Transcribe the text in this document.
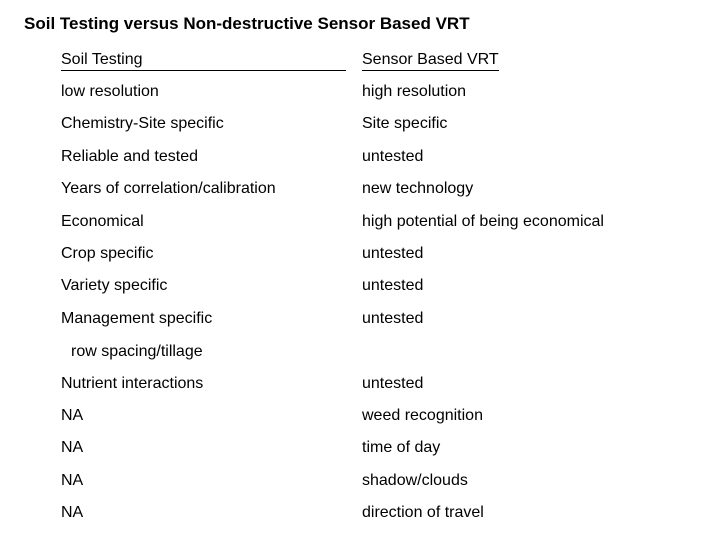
Soil Testing versus Non-destructive Sensor Based VRT
Soil Testing	Sensor Based VRT
low resolution	high resolution
Chemistry-Site specific	Site specific
Reliable and tested	untested
Years of correlation/calibration	new technology
Economical	high potential of being economical
Crop specific	untested
Variety specific	untested
Management specific	untested
row spacing/tillage
Nutrient interactions	untested
NA	weed recognition
NA	time of day
NA	shadow/clouds
NA	direction of travel
